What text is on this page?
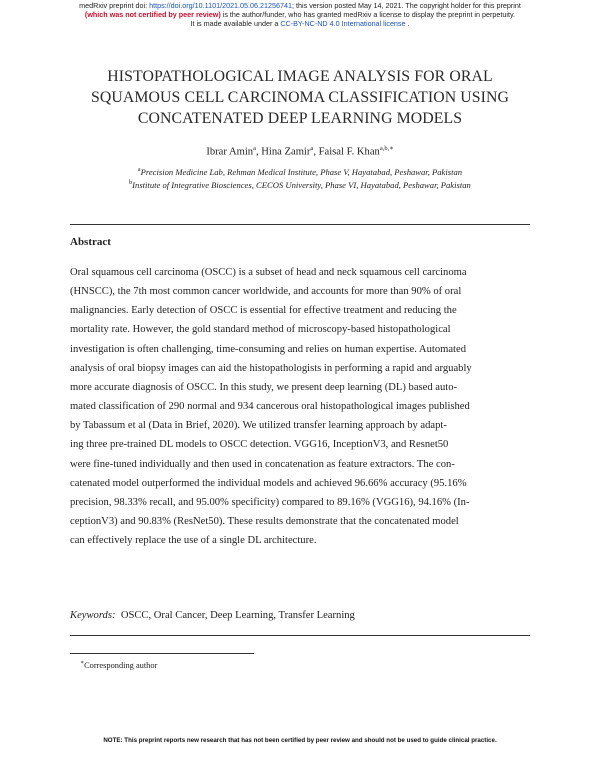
medRxiv preprint doi: https://doi.org/10.1101/2021.05.06.21256741; this version posted May 14, 2021. The copyright holder for this preprint
(which was not certified by peer review) is the author/funder, who has granted medRxiv a license to display the preprint in perpetuity.
It is made available under a CC-BY-NC-ND 4.0 International license .
HISTOPATHOLOGICAL IMAGE ANALYSIS FOR ORAL
SQUAMOUS CELL CARCINOMA CLASSIFICATION USING
CONCATENATED DEEP LEARNING MODELS
Ibrar Amin$^a$, Hina Zamir$^a$, Faisal F. Khan$^{a,b,∗}$
$^a$Precision Medicine Lab, Rehman Medical Institute, Phase V, Hayatabad, Peshawar, Pakistan
$^b$Institute of Integrative Biosciences, CECOS University, Phase VI, Hayatabad, Peshawar, Pakistan
Abstract
Oral squamous cell carcinoma (OSCC) is a subset of head and neck squamous cell carcinoma
(HNSCC), the 7th most common cancer worldwide, and accounts for more than 90% of oral
malignancies. Early detection of OSCC is essential for effective treatment and reducing the
mortality rate. However, the gold standard method of microscopy-based histopathological
investigation is often challenging, time-consuming and relies on human expertise. Automated
analysis of oral biopsy images can aid the histopathologists in performing a rapid and arguably
more accurate diagnosis of OSCC. In this study, we present deep learning (DL) based auto-
mated classification of 290 normal and 934 cancerous oral histopathological images published
by Tabassum et al (Data in Brief, 2020). We utilized transfer learning approach by adapt-
ing three pre-trained DL models to OSCC detection. VGG16, InceptionV3, and Resnet50
were fine-tuned individually and then used in concatenation as feature extractors. The con-
catenated model outperformed the individual models and achieved 96.66% accuracy (95.16%
precision, 98.33% recall, and 95.00% specificity) compared to 89.16% (VGG16), 94.16% (In-
ceptionV3) and 90.83% (ResNet50). These results demonstrate that the concatenated model
can effectively replace the use of a single DL architecture.
Keywords: OSCC, Oral Cancer, Deep Learning, Transfer Learning
∗Corresponding author
NOTE: This preprint reports new research that has not been certified by peer review and should not be used to guide clinical practice.
